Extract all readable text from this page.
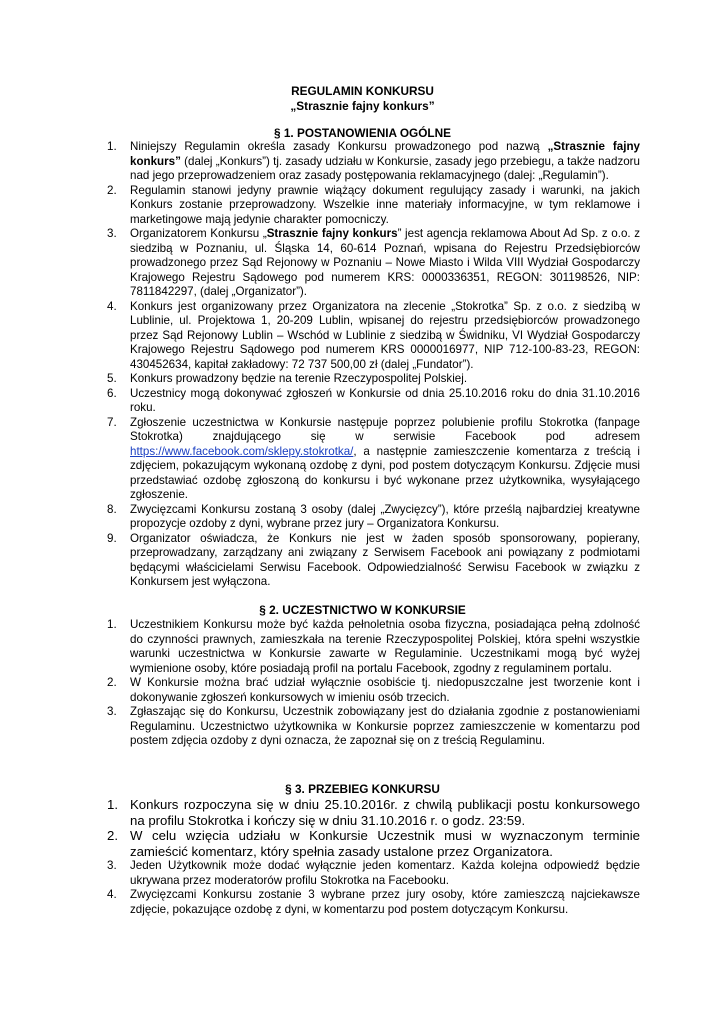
REGULAMIN KONKURSU
„Strasznie fajny konkurs”
§ 1. POSTANOWIENIA OGÓLNE
1. Niniejszy Regulamin określa zasady Konkursu prowadzonego pod nazwą „Strasznie fajny konkurs” (dalej „Konkurs”) tj. zasady udziału w Konkursie, zasady jego przebiegu, a także nadzoru nad jego przeprowadzeniem oraz zasady postępowania reklamacyjnego (dalej: „Regulamin”).
2. Regulamin stanowi jedyny prawnie wiążący dokument regulujący zasady i warunki, na jakich Konkurs zostanie przeprowadzony. Wszelkie inne materiały informacyjne, w tym reklamowe i marketingowe mają jedynie charakter pomocniczy.
3. Organizatorem Konkursu „Strasznie fajny konkurs” jest agencja reklamowa About Ad Sp. z o.o. z siedzibą w Poznaniu, ul. Śląska 14, 60-614 Poznań, wpisana do Rejestru Przedsiębiorców prowadzonego przez Sąd Rejonowy w Poznaniu – Nowe Miasto i Wilda VIII Wydział Gospodarczy Krajowego Rejestru Sądowego pod numerem KRS: 0000336351, REGON: 301198526, NIP: 7811842297, (dalej „Organizator”).
4. Konkurs jest organizowany przez Organizatora na zlecenie „Stokrotka” Sp. z o.o. z siedzibą w Lublinie, ul. Projektowa 1, 20-209 Lublin, wpisanej do rejestru przedsiębiorców prowadzonego przez Sąd Rejonowy Lublin – Wschód w Lublinie z siedzibą w Świdniku, VI Wydział Gospodarczy Krajowego Rejestru Sądowego pod numerem KRS 0000016977, NIP 712-100-83-23, REGON: 430452634, kapitał zakładowy: 72 737 500,00 zł (dalej „Fundator”).
5. Konkurs prowadzony będzie na terenie Rzeczypospolitej Polskiej.
6. Uczestnicy mogą dokonywać zgłoszeń w Konkursie od dnia 25.10.2016 roku do dnia 31.10.2016 roku.
7. Zgłoszenie uczestnictwa w Konkursie następuje poprzez polubienie profilu Stokrotka (fanpage Stokrotka) znajdującego się w serwisie Facebook pod adresem https://www.facebook.com/sklepy.stokrotka/, a następnie zamieszczenie komentarza z treścią i zdjęciem, pokazującym wykonaną ozdobę z dyni, pod postem dotyczącym Konkursu. Zdjęcie musi przedstawiać ozdobę zgłoszoną do konkursu i być wykonane przez użytkownika, wysyłającego zgłoszenie.
8. Zwycięzcami Konkursu zostaną 3 osoby (dalej „Zwycięzcy”), które prześlą najbardziej kreatywne propozycje ozdoby z dyni, wybrane przez jury – Organizatora Konkursu.
9. Organizator oświadcza, że Konkurs nie jest w żaden sposób sponsorowany, popierany, przeprowadzany, zarządzany ani związany z Serwisem Facebook ani powiązany z podmiotami będącymi właścicielami Serwisu Facebook. Odpowiedzialność Serwisu Facebook w związku z Konkursem jest wyłączona.
§ 2. UCZESTNICTWO W KONKURSIE
1. Uczestnikiem Konkursu może być każda pełnoletnia osoba fizyczna, posiadająca pełną zdolność do czynności prawnych, zamieszkała na terenie Rzeczypospolitej Polskiej, która spełni wszystkie warunki uczestnictwa w Konkursie zawarte w Regulaminie. Uczestnikami mogą być wyżej wymienione osoby, które posiadają profil na portalu Facebook, zgodny z regulaminem portalu.
2. W Konkursie można brać udział wyłącznie osobiście tj. niedopuszczalne jest tworzenie kont i dokonywanie zgłoszeń konkursowych w imieniu osób trzecich.
3. Zgłaszając się do Konkursu, Uczestnik zobowiązany jest do działania zgodnie z postanowieniami Regulaminu. Uczestnictwo użytkownika w Konkursie poprzez zamieszczenie w komentarzu pod postem zdjęcia ozdoby z dyni oznacza, że zapoznał się on z treścią Regulaminu.
§ 3. PRZEBIEG KONKURSU
1. Konkurs rozpoczyna się w dniu 25.10.2016r. z chwilą publikacji postu konkursowego na profilu Stokrotka i kończy się w dniu 31.10.2016 r. o godz. 23:59.
2. W celu wzięcia udziału w Konkursie Uczestnik musi w wyznaczonym terminie zamieścić komentarz, który spełnia zasady ustalone przez Organizatora.
3. Jeden Użytkownik może dodać wyłącznie jeden komentarz. Każda kolejna odpowiedź będzie ukrywana przez moderatorów profilu Stokrotka na Facebooku.
4. Zwycięzcami Konkursu zostanie 3 wybrane przez jury osoby, które zamieszczą najciekawsze zdjęcie, pokazujące ozdobę z dyni, w komentarzu pod postem dotyczącym Konkursu.
